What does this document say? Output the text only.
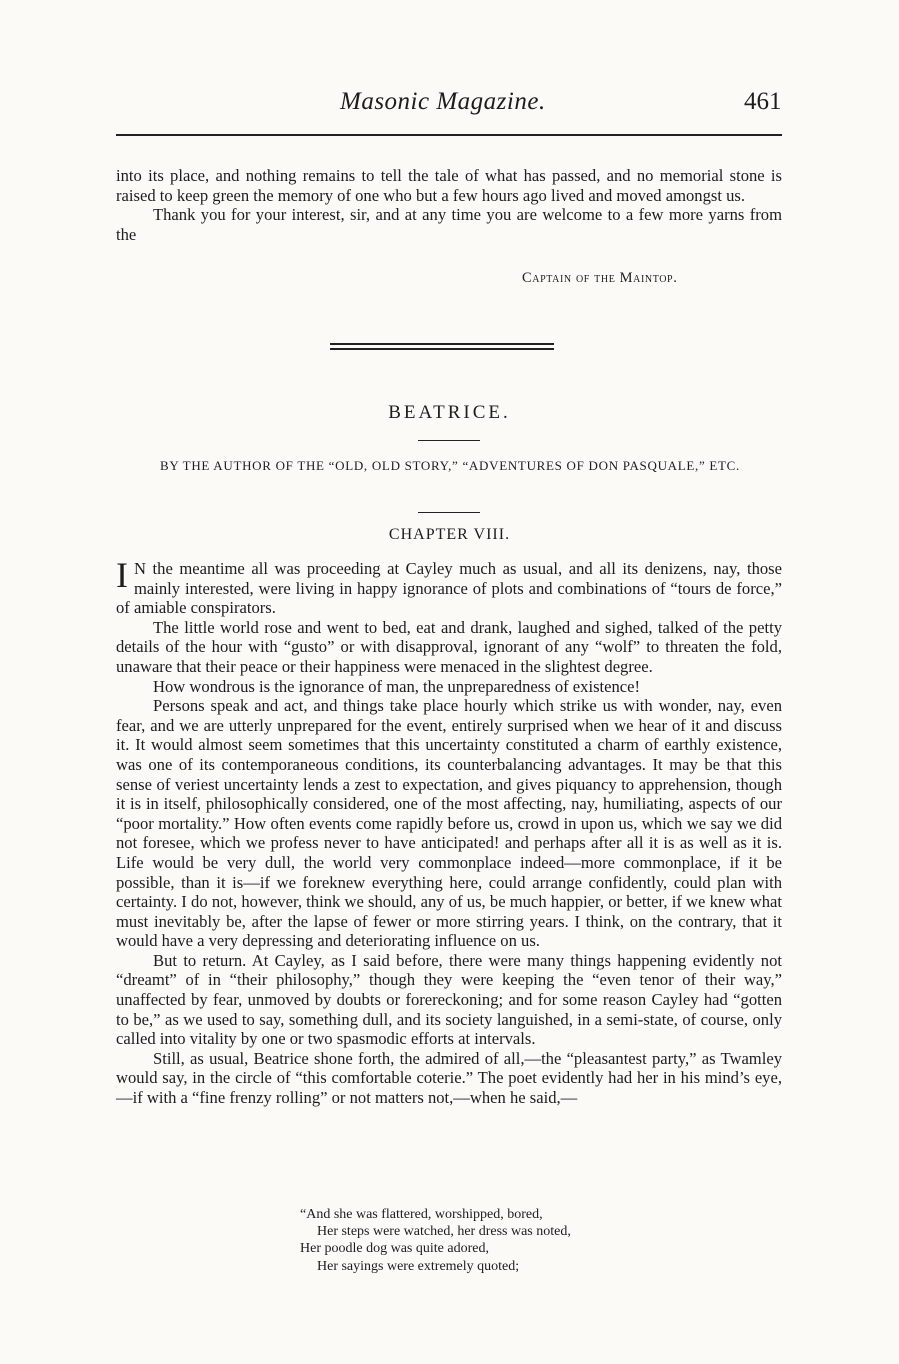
Masonic Magazine.	461

into its place, and nothing remains to tell the tale of what has passed, and no memorial stone is raised to keep green the memory of one who but a few hours ago lived and moved amongst us.

Thank you for your interest, sir, and at any time you are welcome to a few more yarns from the

Captain of the Maintop.
BEATRICE.
BY THE AUTHOR OF THE “OLD, OLD STORY,” “ADVENTURES OF DON PASQUALE,” ETC.
CHAPTER VIII.

I N the meantime all was proceeding at Cayley much as usual, and all its denizens, nay, those mainly interested, were living in happy ignorance of plots and combinations of “tours de force,” of amiable conspirators.

The little world rose and went to bed, eat and drank, laughed and sighed, talked of the petty details of the hour with “gusto” or with disapproval, ignorant of any “wolf” to threaten the fold, unaware that their peace or their happiness were menaced in the slightest degree.

How wondrous is the ignorance of man, the unpreparedness of existence!

Persons speak and act, and things take place hourly which strike us with wonder, nay, even fear, and we are utterly unprepared for the event, entirely surprised when we hear of it and discuss it. It would almost seem sometimes that this uncertainty constituted a charm of earthly existence, was one of its contemporaneous conditions, its counterbalancing advantages. It may be that this sense of veriest uncertainty lends a zest to expectation, and gives piquancy to apprehension, though it is in itself, philosophically considered, one of the most affecting, nay, humiliating, aspects of our “poor mortality.” How often events come rapidly before us, crowd in upon us, which we say we did not foresee, which we profess never to have anticipated! and perhaps after all it is as well as it is. Life would be very dull, the world very commonplace indeed—more commonplace, if it be possible, than it is—if we foreknew everything here, could arrange confidently, could plan with certainty. I do not, however, think we should, any of us, be much happier, or better, if we knew what must inevitably be, after the lapse of fewer or more stirring years. I think, on the contrary, that it would have a very depressing and deteriorating influence on us.

But to return. At Cayley, as I said before, there were many things happening evidently not “dreamt” of in “their philosophy,” though they were keeping the “even tenor of their way,” unaffected by fear, unmoved by doubts or forereckoning; and for some reason Cayley had “gotten to be,” as we used to say, something dull, and its society languished, in a semi-state, of course, only called into vitality by one or two spasmodic efforts at intervals.

Still, as usual, Beatrice shone forth, the admired of all,—the “pleasantest party,” as Twamley would say, in the circle of “this comfortable coterie.” The poet evidently had her in his mind’s eye,—if with a “fine frenzy rolling” or not matters not,—when he said,—

“And she was flattered, worshipped, bored,
Her steps were watched, her dress was noted,
Her poodle dog was quite adored,
Her sayings were extremely quoted;
